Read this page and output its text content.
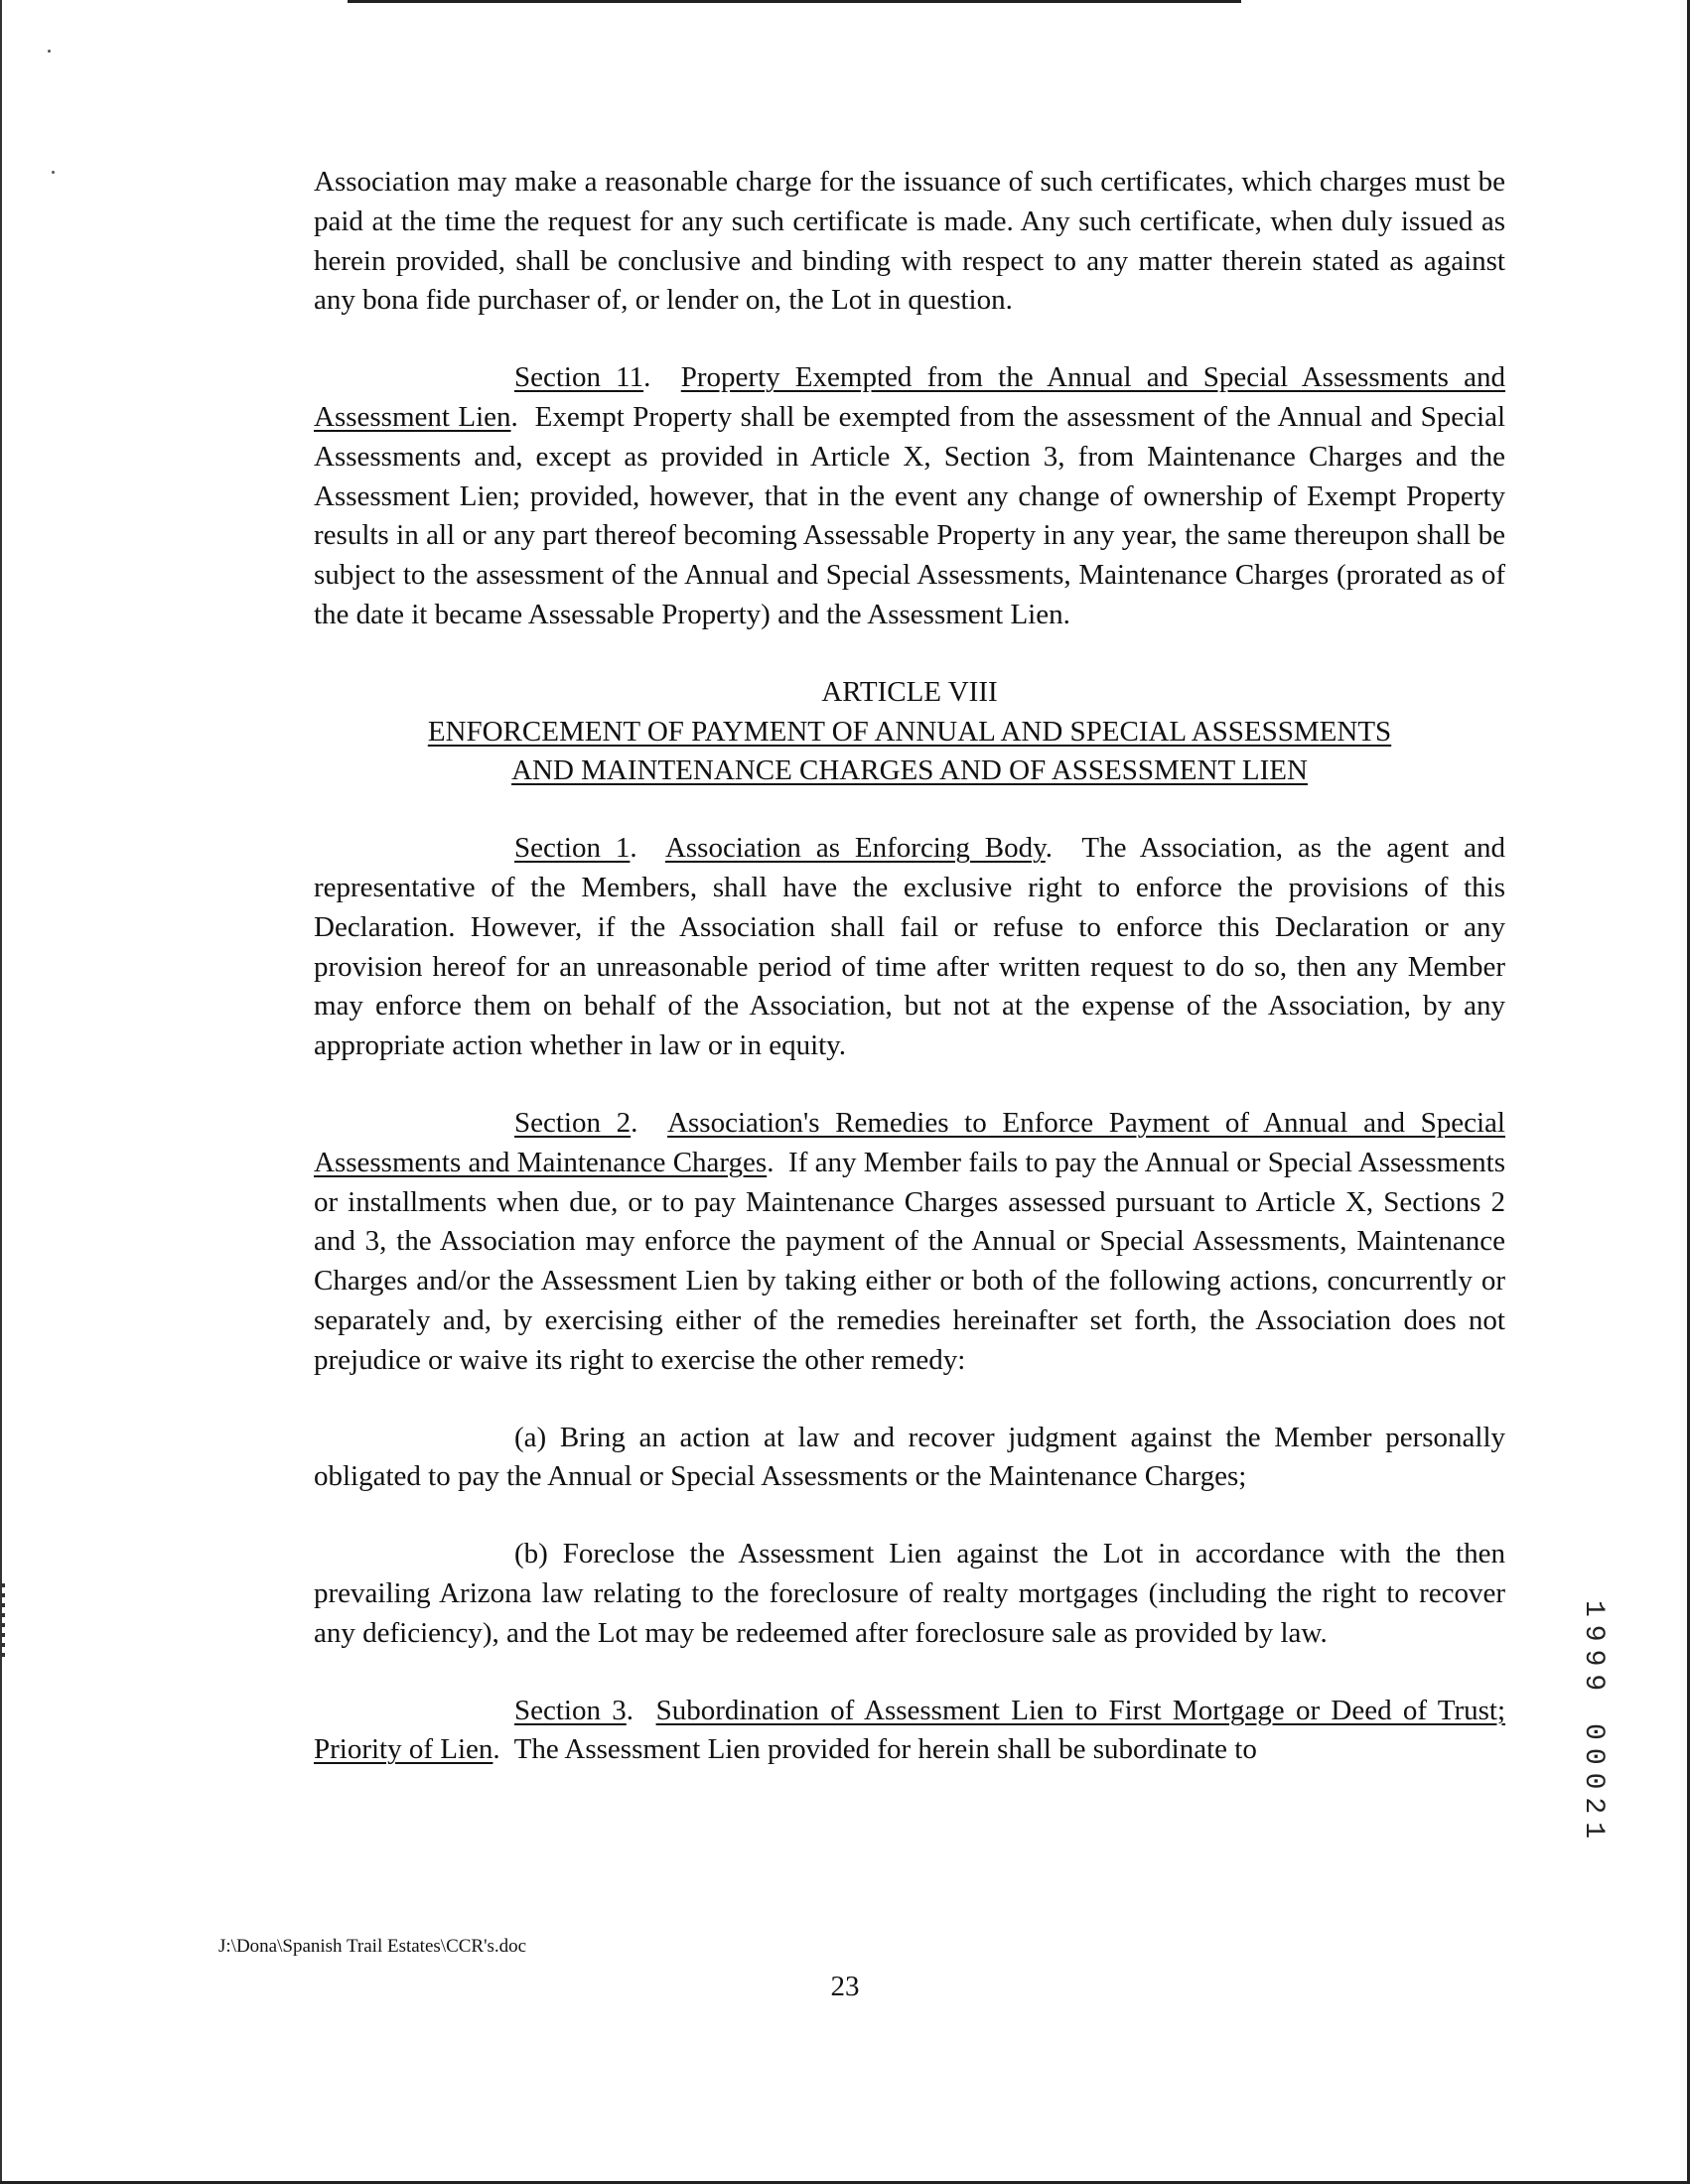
Association may make a reasonable charge for the issuance of such certificates, which charges must be paid at the time the request for any such certificate is made. Any such certificate, when duly issued as herein provided, shall be conclusive and binding with respect to any matter therein stated as against any bona fide purchaser of, or lender on, the Lot in question.

Section 11.  Property Exempted from the Annual and Special Assessments and Assessment Lien.  Exempt Property shall be exempted from the assessment of the Annual and Special Assessments and, except as provided in Article X, Section 3, from Maintenance Charges and the Assessment Lien; provided, however, that in the event any change of ownership of Exempt Property results in all or any part thereof becoming Assessable Property in any year, the same thereupon shall be subject to the assessment of the Annual and Special Assessments, Maintenance Charges (prorated as of the date it became Assessable Property) and the Assessment Lien.

ARTICLE VIII

ENFORCEMENT OF PAYMENT OF ANNUAL AND SPECIAL ASSESSMENTS

AND MAINTENANCE CHARGES AND OF ASSESSMENT LIEN

Section 1.  Association as Enforcing Body.  The Association, as the agent and representative of the Members, shall have the exclusive right to enforce the provisions of this Declaration. However, if the Association shall fail or refuse to enforce this Declaration or any provision hereof for an unreasonable period of time after written request to do so, then any Member may enforce them on behalf of the Association, but not at the expense of the Association, by any appropriate action whether in law or in equity.

Section 2.  Association's Remedies to Enforce Payment of Annual and Special Assessments and Maintenance Charges.  If any Member fails to pay the Annual or Special Assessments or installments when due, or to pay Maintenance Charges assessed pursuant to Article X, Sections 2 and 3, the Association may enforce the payment of the Annual or Special Assessments, Maintenance Charges and/or the Assessment Lien by taking either or both of the following actions, concurrently or separately and, by exercising either of the remedies hereinafter set forth, the Association does not prejudice or waive its right to exercise the other remedy:

(a) Bring an action at law and recover judgment against the Member personally obligated to pay the Annual or Special Assessments or the Maintenance Charges;

(b) Foreclose the Assessment Lien against the Lot in accordance with the then prevailing Arizona law relating to the foreclosure of realty mortgages (including the right to recover any deficiency), and the Lot may be redeemed after foreclosure sale as provided by law.

Section 3.  Subordination of Assessment Lien to First Mortgage or Deed of Trust; Priority of Lien.  The Assessment Lien provided for herein shall be subordinate to

J:\Dona\Spanish Trail Estates\CCR's.doc
23
1999 00021
